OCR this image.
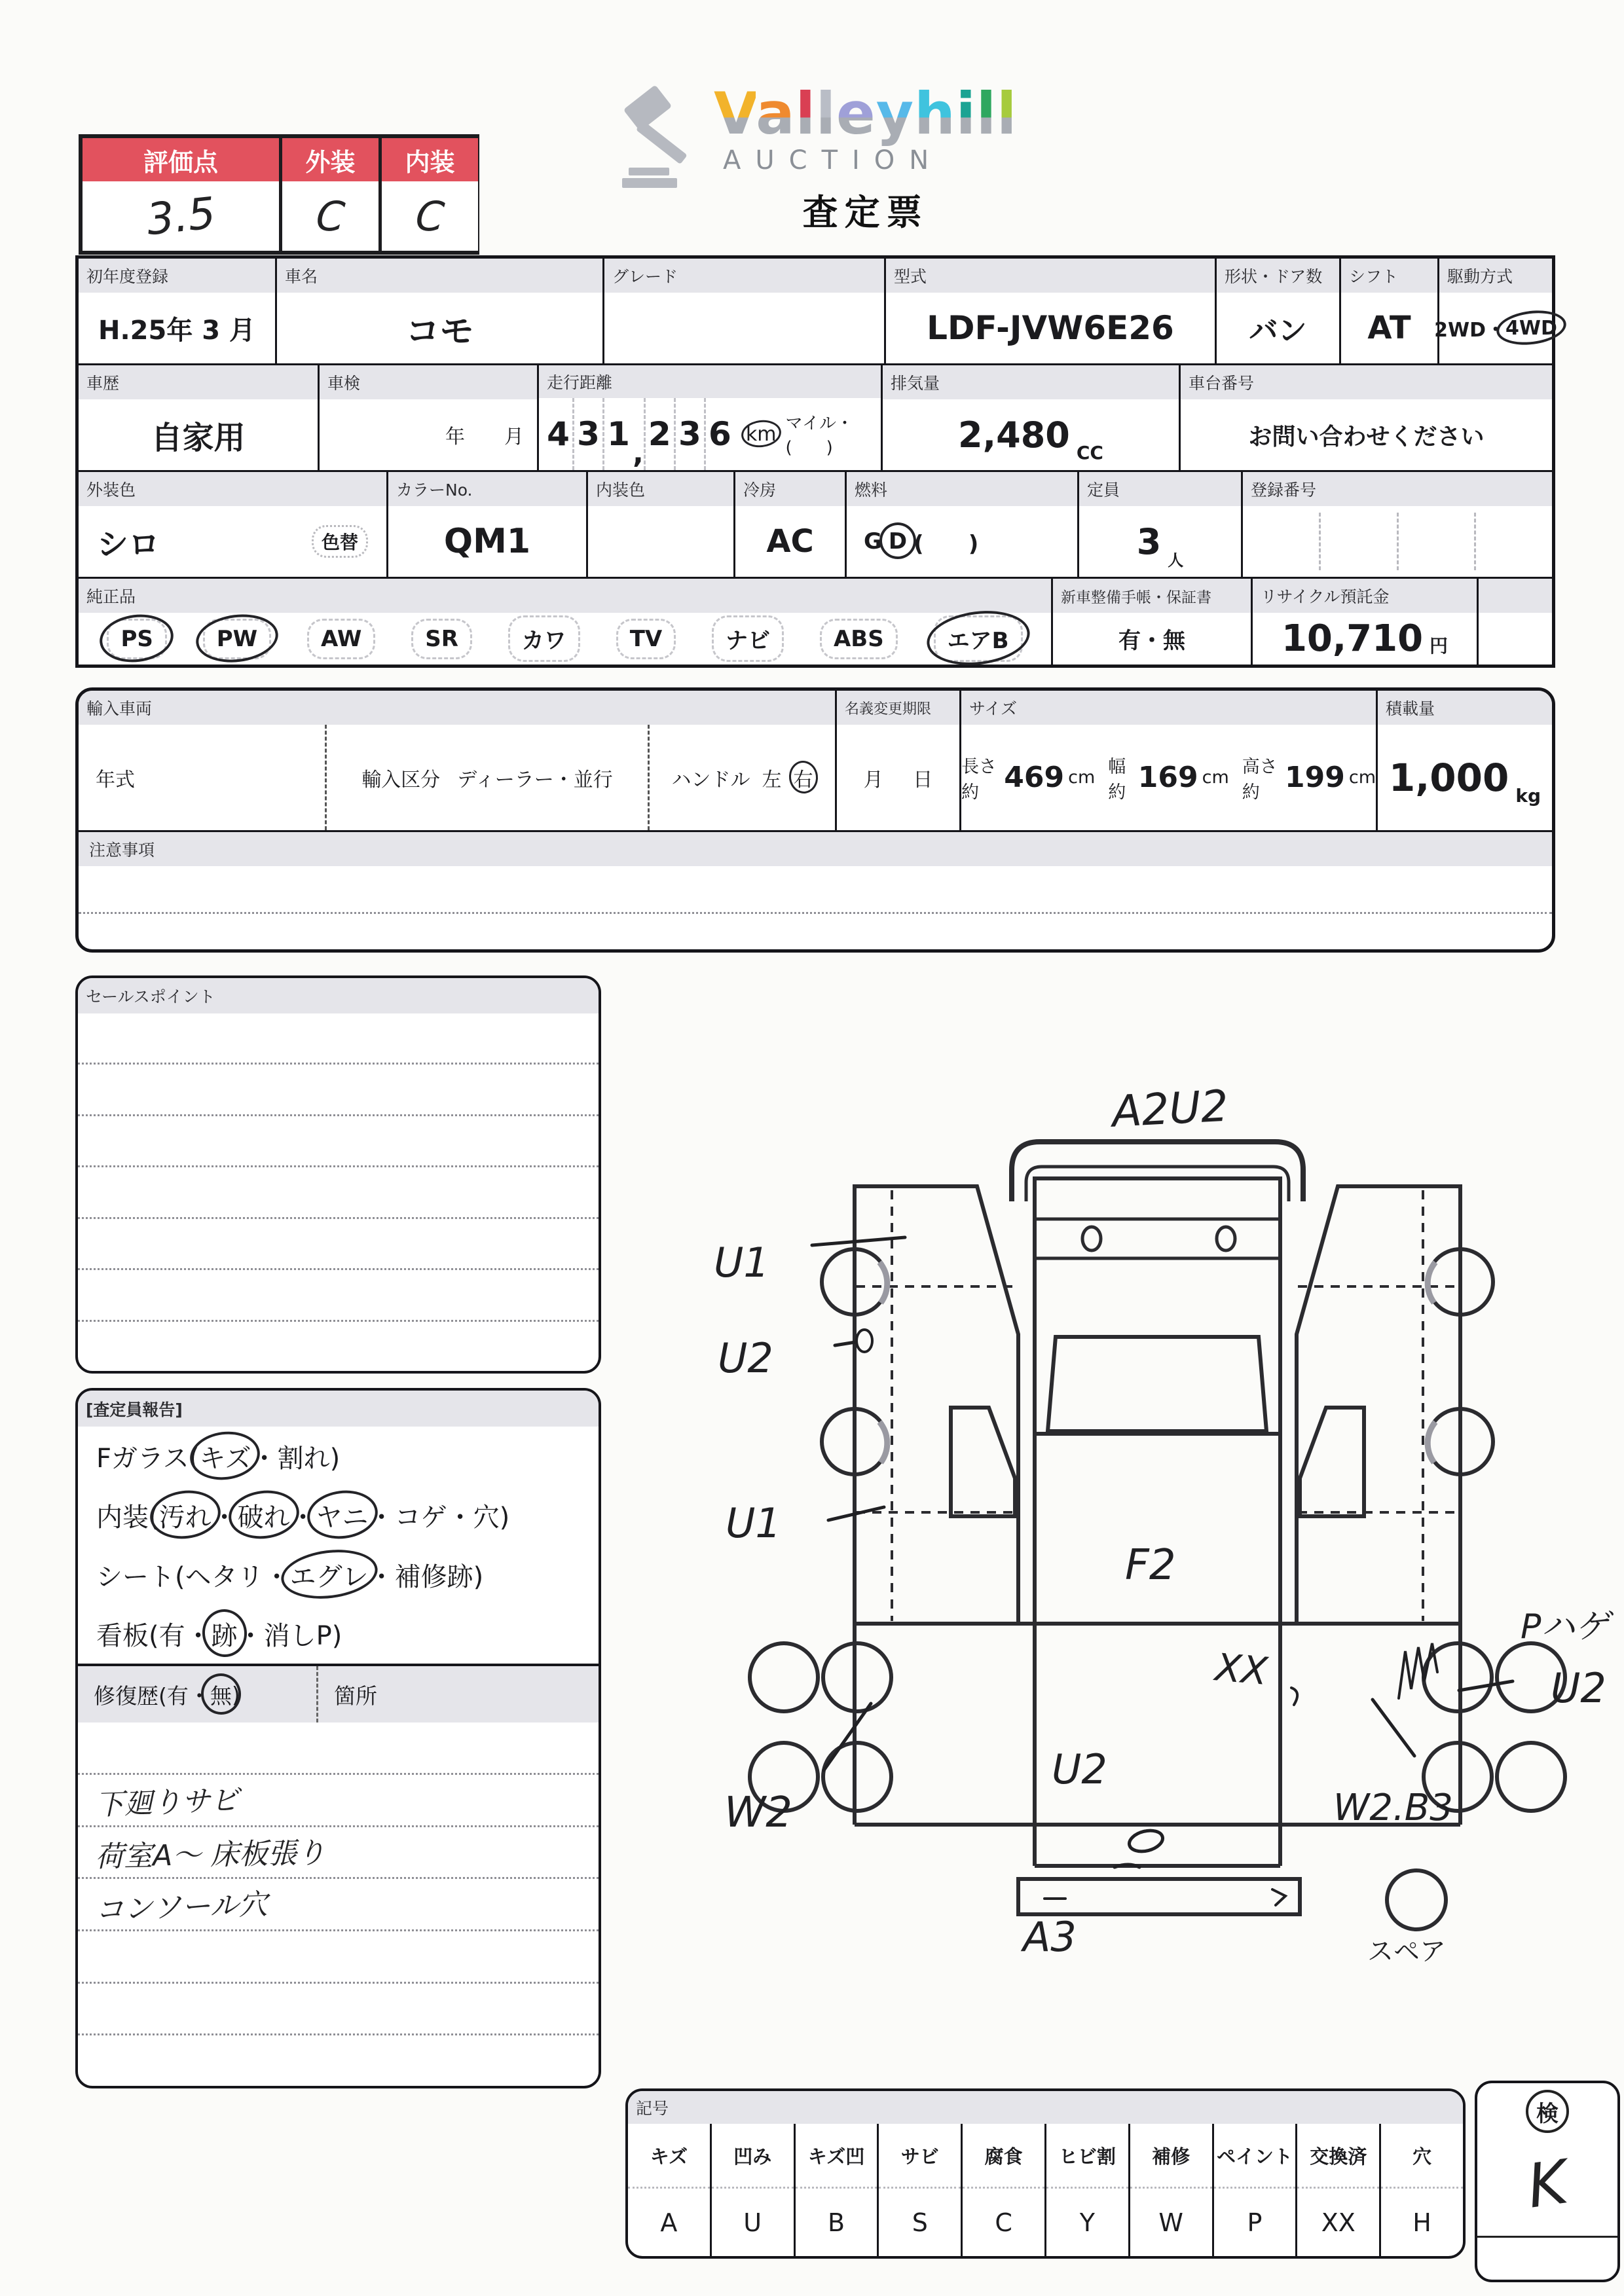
評価点
3.5
外装
C
内装
C
Valleyhill
AUCTION
査定票
初年度登録
H.25年 3 月
車名
コモ
グレード	型式
LDF-JVW6E26
形状・ドア数
バン
シフト
AT
駆動方式
2WD・ 4WD
車歴
自家用
車検
年　　月
走行距離
4 3 1
,
2 3 6 km マイル・(　　)
排気量
2,480 CC
車台番号
お問い合わせください
外装色
シロ	色替
カラーNo.
QM1
内装色	冷房
AC
燃料
G D (　　)
定員
3 人
登録番号
純正品
PS	PW	AW	SR	カワ	TV	ナビ	ABS	エアB
新車整備手帳・保証書
有・無
リサイクル預託金
10,710 円
輸入車両
年式	輸入区分 ディーラー・並行	ハンドル 左 右
名義変更期限
月 日
サイズ
長さ約 469 cm
幅約 169 cm
高さ約 199 cm
積載量
1,000 kg
注意事項
セールスポイント
[査定員報告]
Fガラス( キズ ・割れ)
内装( 汚れ ・ 破れ ・ ヤニ ・コゲ・穴)
シート(ヘタリ・ エグレ ・補修跡)
看板(有・ 跡 ・消しP)
修復歴(有・ 無 )	箇所
下廻りサビ
荷室A〜 床板張り
コンソール穴
スペア
A2U2
U1
U2
U1
F2
XX
Pハゲ
U2
W2
U2
W2.B3
A3
記号
キズ
A
凹み
U
キズ凹
B
サビ
S
腐食
C
ヒビ割
Y
補修
W
ペイント
P
交換済
XX
穴
H
検
K
